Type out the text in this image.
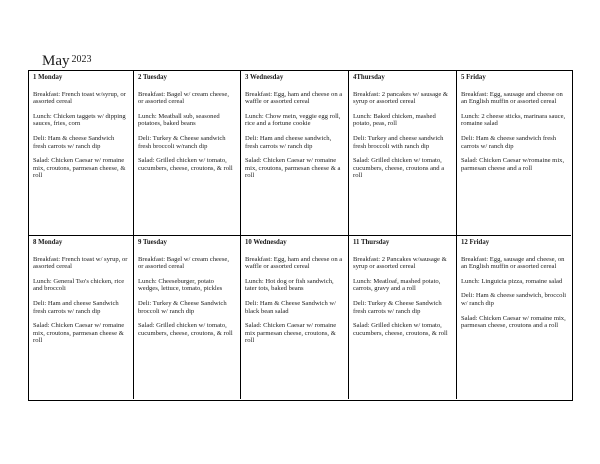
May $^{2023}$
1 Monday

Breakfast: French toast w/syrup, or assorted cereal

Lunch: Chicken taggets w/ dipping sauces, fries, corn

Deli: Ham & cheese Sandwich fresh carrots w/ ranch dip

Salad: Chicken Caesar w/ romaine mix, croutons, parmesan cheese, & roll

2 Tuesday

Breakfast: Bagel w/ cream cheese, or assorted cereal

Lunch: Meatball sub, seasoned potatoes, baked beans

Deli: Turkey & Cheese sandwich fresh broccoli w/ranch dip

Salad: Grilled chicken w/ tomato, cucumbers, cheese, croutons, & roll

3 Wednesday

Breakfast: Egg, ham and cheese on a waffle or assorted cereal

Lunch: Chow mein, veggie egg roll, rice and a fortune cookie

Deli: Ham and cheese sandwich, fresh carrots w/ ranch dip

Salad: Chicken Caesar w/ romaine mix, croutons, parmesan cheese & a roll

4Thursday

Breakfast: 2 pancakes w/ sausage & syrup or assorted cereal

Lunch: Baked chicken, mashed potato, peas, roll

Deli: Turkey and cheese sandwich fresh broccoli with ranch dip

Salad: Grilled chicken w/ tomato, cucumbers, cheese, croutons and a roll

5 Friday

Breakfast: Egg, sausage and cheese on an English muffin or assorted cereal

Lunch: 2 cheese sticks, marinara sauce, romaine salad

Deli: Ham & cheese sandwich fresh carrots w/ ranch dip

Salad: Chicken Caesar w/romaine mix, parmesan cheese and a roll

8 Monday

Breakfast: French toast w/ syrup, or assorted cereal

Lunch: General Tso's chicken, rice and broccoli

Deli: Ham and cheese Sandwich fresh carrots w/ ranch dip

Salad: Chicken Caesar w/ romaine mix, croutons, parmesan cheese & roll

9 Tuesday

Breakfast: Bagel w/ cream cheese, or assorted cereal

Lunch: Cheeseburger, potato wedges, lettuce, tomato, pickles

Deli: Turkey & Cheese Sandwich broccoli w/ ranch dip

Salad: Grilled chicken w/ tomato, cucumbers, cheese, croutons, & roll

10 Wednesday

Breakfast: Egg, ham and cheese on a waffle or assorted cereal

Lunch: Hot dog or fish sandwich, tater tots, baked beans

Deli: Ham & Cheese Sandwich w/ black bean salad

Salad: Chicken Caesar w/ romaine mix parmesan cheese, croutons, & roll

11 Thursday

Breakfast: 2 Pancakes w/sausage & syrup or assorted cereal

Lunch: Meatloaf, mashed potato, carrots, gravy and a roll

Deli: Turkey & Cheese Sandwich fresh carrots w/ ranch dip

Salad: Grilled chicken w/ tomato, cucumbers, cheese, croutons, & roll

12 Friday

Breakfast: Egg, sausage and cheese, on an English muffin or assorted cereal

Lunch: Linguicia pizza, romaine salad

Deli: Ham & cheese sandwich, broccoli w/ ranch dip

Salad: Chicken Caesar w/ romaine mix, parmesan cheese, croutons and a roll
